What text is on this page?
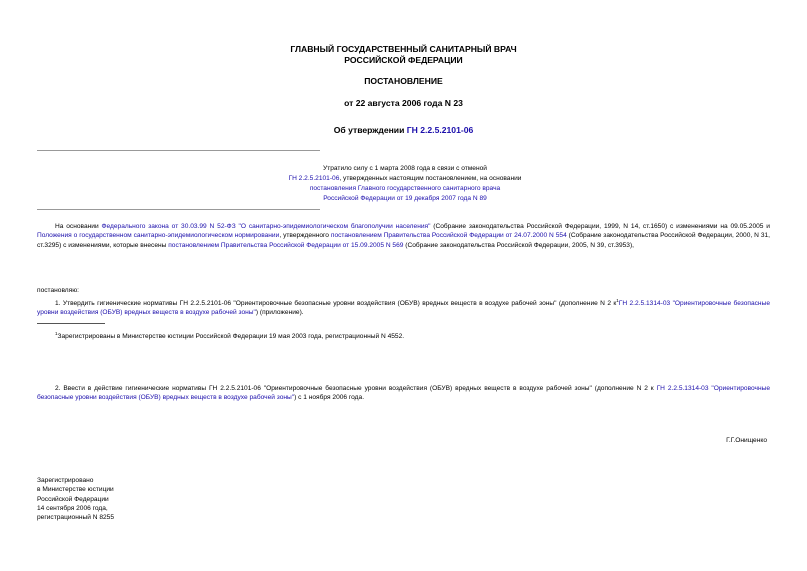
ГЛАВНЫЙ ГОСУДАРСТВЕННЫЙ САНИТАРНЫЙ ВРАЧ
РОССИЙСКОЙ ФЕДЕРАЦИИ
ПОСТАНОВЛЕНИЕ
от 22 августа 2006 года N 23
Об утверждении ГН 2.2.5.2101-06
Утратило силу с 1 марта 2008 года в связи с отменой
ГН 2.2.5.2101-06, утвержденных настоящим постановлением, на основании
постановления Главного государственного санитарного врача
Российской Федерации от 19 декабря 2007 года N 89
На основании Федерального закона от 30.03.99 N 52-ФЗ "О санитарно-эпидемиологическом благополучии населения" (Собрание законодательства Российской Федерации, 1999, N 14, ст.1650) с изменениями на 09.05.2005 и Положения о государственном санитарно-эпидемиологическом нормировании, утвержденного постановлением Правительства Российской Федерации от 24.07.2000 N 554 (Собрание законодательства Российской Федерации, 2000, N 31, ст.3295) с изменениями, которые внесены постановлением Правительства Российской Федерации от 15.09.2005 N 569 (Собрание законодательства Российской Федерации, 2005, N 39, ст.3953),
постановляю:
1. Утвердить гигиенические нормативы ГН 2.2.5.2101-06 "Ориентировочные безопасные уровни воздействия (ОБУВ) вредных веществ в воздухе рабочей зоны" (дополнение N 2 $к^1ГН$ 2.2.5.1314-03 "Ориентировочные безопасные уровни воздействия (ОБУВ) вредных веществ в воздухе рабочей зоны") (приложение).
$^1$Зарегистрированы в Министерстве юстиции Российской Федерации 19 мая 2003 года, регистрационный N 4552.
2. Ввести в действие гигиенические нормативы ГН 2.2.5.2101-06 "Ориентировочные безопасные уровни воздействия (ОБУВ) вредных веществ в воздухе рабочей зоны" (дополнение N 2 к ГН 2.2.5.1314-03 "Ориентировочные безопасные уровни воздействия (ОБУВ) вредных веществ в воздухе рабочей зоны") с 1 ноября 2006 года.
Г.Г.Онищенко
Зарегистрировано
в Министерстве юстиции
Российской Федерации
14 сентября 2006 года,
регистрационный N 8255
